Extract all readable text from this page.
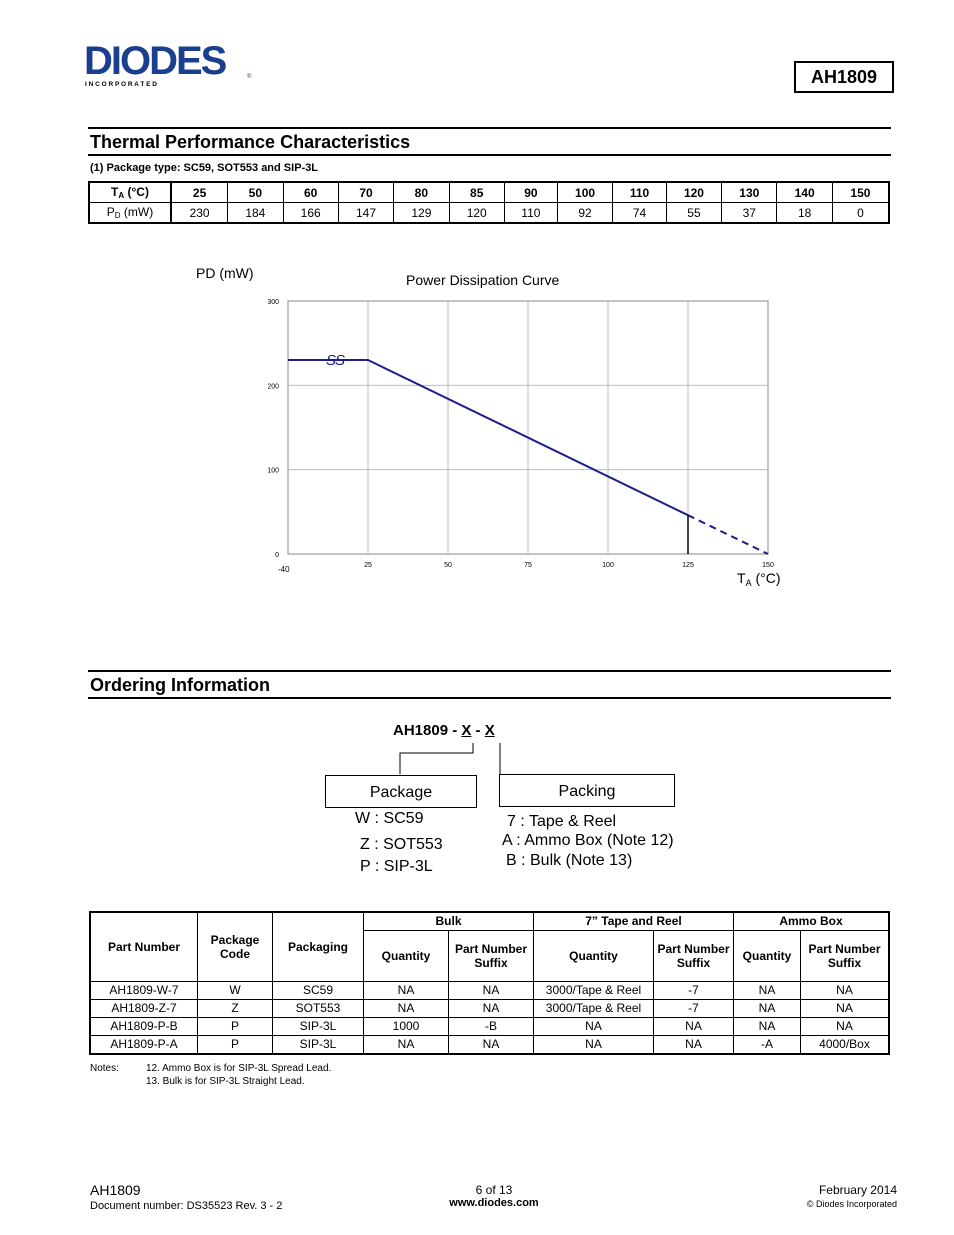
DIODES
I N C O R P O R A T E D
®	AH1809
Thermal Performance Characteristics
(1) Package type: SC59, SOT553 and SIP-3L
$T_A$ (°C)	25	50	60	70	80	85	90	100	110	120	130	140	150
$P_D$ (mW)	230	184	166	147	129	120	110	92	74	55	37	18	0
PD (mW)	Power Dissipation Curve
25	50	75	100	125	150
0
100
200
300
SS
-40
$T_A$ (°C)
Ordering Information
AH1809 - X - X
Package	Packing
W : SC59
Z : SOT553
P : SIP-3L
7 : Tape & Reel
A : Ammo Box (Note 12)
B : Bulk (Note 13)
Part Number	Package Code	Packaging	Bulk		7” Tape and Reel		Ammo Box	
			Quantity	Part Number Suffix	Quantity	Part Number Suffix	Quantity	Part Number Suffix
AH1809-W-7	W	SC59	NA	NA	3000/Tape & Reel	-7	NA	NA
AH1809-Z-7	Z	SOT553	NA	NA	3000/Tape & Reel	-7	NA	NA
AH1809-P-B	P	SIP-3L	1000	-B	NA	NA	NA	NA
AH1809-P-A	P	SIP-3L	NA	NA	NA	NA	-A	4000/Box
Notes:	12. Ammo Box is for SIP-3L Spread Lead.
13. Bulk is for SIP-3L Straight Lead.
AH1809
Document number: DS35523 Rev. 3 - 2
6 of 13
www.diodes.com
February 2014
© Diodes Incorporated
